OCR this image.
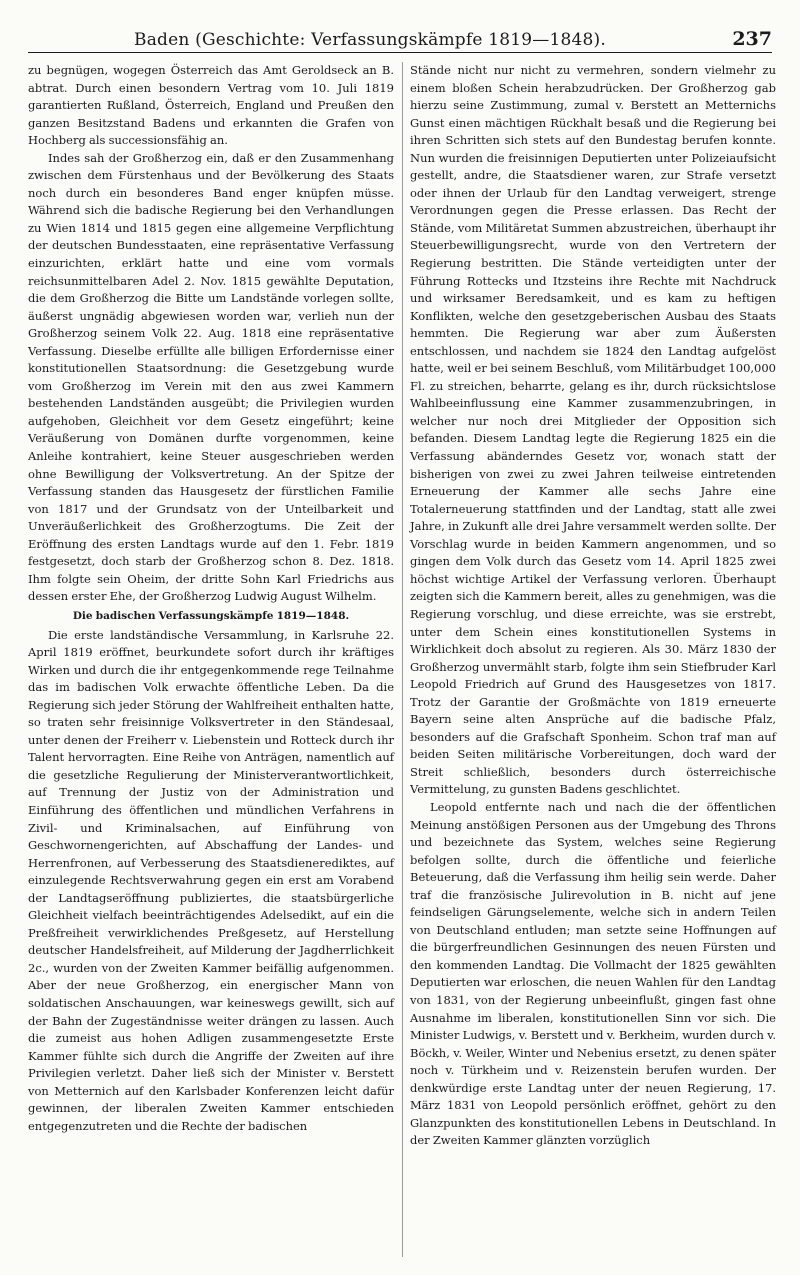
Baden (Geschichte: Verfassungskämpfe 1819—1848).	237

zu begnügen, wogegen Österreich das Amt Geroldseck an B. abtrat. Durch einen besondern Vertrag vom 10. Juli 1819 garantierten Rußland, Österreich, England und Preußen den ganzen Besitzstand Badens und erkannten die Grafen von Hochberg als successionsfähig an.

Indes sah der Großherzog ein, daß er den Zusammenhang zwischen dem Fürstenhaus und der Bevölkerung des Staats noch durch ein besonderes Band enger knüpfen müsse. Während sich die badische Regierung bei den Verhandlungen zu Wien 1814 und 1815 gegen eine allgemeine Verpflichtung der deutschen Bundesstaaten, eine repräsentative Verfassung einzurichten, erklärt hatte und eine vom vormals reichsunmittelbaren Adel 2. Nov. 1815 gewählte Deputation, die dem Großherzog die Bitte um Landstände vorlegen sollte, äußerst ungnädig abgewiesen worden war, verlieh nun der Großherzog seinem Volk 22. Aug. 1818 eine repräsentative Verfassung. Dieselbe erfüllte alle billigen Erfordernisse einer konstitutionellen Staatsordnung: die Gesetzgebung wurde vom Großherzog im Verein mit den aus zwei Kammern bestehenden Landständen ausgeübt; die Privilegien wurden aufgehoben, Gleichheit vor dem Gesetz eingeführt; keine Veräußerung von Domänen durfte vorgenommen, keine Anleihe kontrahiert, keine Steuer ausgeschrieben werden ohne Bewilligung der Volksvertretung. An der Spitze der Verfassung standen das Hausgesetz der fürstlichen Familie von 1817 und der Grundsatz von der Unteilbarkeit und Unveräußerlichkeit des Großherzogtums. Die Zeit der Eröffnung des ersten Landtags wurde auf den 1. Febr. 1819 festgesetzt, doch starb der Großherzog schon 8. Dez. 1818. Ihm folgte sein Oheim, der dritte Sohn Karl Friedrichs aus dessen erster Ehe, der Großherzog Ludwig August Wilhelm.

Die badischen Verfassungskämpfe 1819—1848.

Die erste landständische Versammlung, in Karlsruhe 22. April 1819 eröffnet, beurkundete sofort durch ihr kräftiges Wirken und durch die ihr entgegenkommende rege Teilnahme das im badischen Volk erwachte öffentliche Leben. Da die Regierung sich jeder Störung der Wahlfreiheit enthalten hatte, so traten sehr freisinnige Volksvertreter in den Ständesaal, unter denen der Freiherr v. Liebenstein und Rotteck durch ihr Talent hervorragten. Eine Reihe von Anträgen, namentlich auf die gesetzliche Regulierung der Ministerverantwortlichkeit, auf Trennung der Justiz von der Administration und Einführung des öffentlichen und mündlichen Verfahrens in Zivil- und Kriminalsachen, auf Einführung von Geschwornengerichten, auf Abschaffung der Landes- und Herrenfronen, auf Verbesserung des Staatsdienerediktes, auf einzulegende Rechtsverwahrung gegen ein erst am Vorabend der Landtagseröffnung publiziertes, die staatsbürgerliche Gleichheit vielfach beeinträchtigendes Adelsedikt, auf ein die Preßfreiheit verwirklichendes Preßgesetz, auf Herstellung deutscher Handelsfreiheit, auf Milderung der Jagdherrlichkeit 2c., wurden von der Zweiten Kammer beifällig aufgenommen. Aber der neue Großherzog, ein energischer Mann von soldatischen Anschauungen, war keineswegs gewillt, sich auf der Bahn der Zugeständnisse weiter drängen zu lassen. Auch die zumeist aus hohen Adligen zusammengesetzte Erste Kammer fühlte sich durch die Angriffe der Zweiten auf ihre Privilegien verletzt. Daher ließ sich der Minister v. Berstett von Metternich auf den Karlsbader Konferenzen leicht dafür gewinnen, der liberalen Zweiten Kammer entschieden entgegenzutreten und die Rechte der badischen

Stände nicht nur nicht zu vermehren, sondern vielmehr zu einem bloßen Schein herabzudrücken. Der Großherzog gab hierzu seine Zustimmung, zumal v. Berstett an Metternichs Gunst einen mächtigen Rückhalt besaß und die Regierung bei ihren Schritten sich stets auf den Bundestag berufen konnte. Nun wurden die freisinnigen Deputierten unter Polizeiaufsicht gestellt, andre, die Staatsdiener waren, zur Strafe versetzt oder ihnen der Urlaub für den Landtag verweigert, strenge Verordnungen gegen die Presse erlassen. Das Recht der Stände, vom Militäretat Summen abzustreichen, überhaupt ihr Steuerbewilligungsrecht, wurde von den Vertretern der Regierung bestritten. Die Stände verteidigten unter der Führung Rottecks und Itzsteins ihre Rechte mit Nachdruck und wirksamer Beredsamkeit, und es kam zu heftigen Konflikten, welche den gesetzgeberischen Ausbau des Staats hemmten. Die Regierung war aber zum Äußersten entschlossen, und nachdem sie 1824 den Landtag aufgelöst hatte, weil er bei seinem Beschluß, vom Militärbudget 100,000 Fl. zu streichen, beharrte, gelang es ihr, durch rücksichtslose Wahlbeeinflussung eine Kammer zusammenzubringen, in welcher nur noch drei Mitglieder der Opposition sich befanden. Diesem Landtag legte die Regierung 1825 ein die Verfassung abänderndes Gesetz vor, wonach statt der bisherigen von zwei zu zwei Jahren teilweise eintretenden Erneuerung der Kammer alle sechs Jahre eine Totalerneuerung stattfinden und der Landtag, statt alle zwei Jahre, in Zukunft alle drei Jahre versammelt werden sollte. Der Vorschlag wurde in beiden Kammern angenommen, und so gingen dem Volk durch das Gesetz vom 14. April 1825 zwei höchst wichtige Artikel der Verfassung verloren. Überhaupt zeigten sich die Kammern bereit, alles zu genehmigen, was die Regierung vorschlug, und diese erreichte, was sie erstrebt, unter dem Schein eines konstitutionellen Systems in Wirklichkeit doch absolut zu regieren. Als 30. März 1830 der Großherzog unvermählt starb, folgte ihm sein Stiefbruder Karl Leopold Friedrich auf Grund des Hausgesetzes von 1817. Trotz der Garantie der Großmächte von 1819 erneuerte Bayern seine alten Ansprüche auf die badische Pfalz, besonders auf die Grafschaft Sponheim. Schon traf man auf beiden Seiten militärische Vorbereitungen, doch ward der Streit schließlich, besonders durch österreichische Vermittelung, zu gunsten Badens geschlichtet.

Leopold entfernte nach und nach die der öffentlichen Meinung anstößigen Personen aus der Umgebung des Throns und bezeichnete das System, welches seine Regierung befolgen sollte, durch die öffentliche und feierliche Beteuerung, daß die Verfassung ihm heilig sein werde. Daher traf die französische Julirevolution in B. nicht auf jene feindseligen Gärungselemente, welche sich in andern Teilen von Deutschland entluden; man setzte seine Hoffnungen auf die bürgerfreundlichen Gesinnungen des neuen Fürsten und den kommenden Landtag. Die Vollmacht der 1825 gewählten Deputierten war erloschen, die neuen Wahlen für den Landtag von 1831, von der Regierung unbeeinflußt, gingen fast ohne Ausnahme im liberalen, konstitutionellen Sinn vor sich. Die Minister Ludwigs, v. Berstett und v. Berkheim, wurden durch v. Böckh, v. Weiler, Winter und Nebenius ersetzt, zu denen später noch v. Türkheim und v. Reizenstein berufen wurden. Der denkwürdige erste Landtag unter der neuen Regierung, 17. März 1831 von Leopold persönlich eröffnet, gehört zu den Glanzpunkten des konstitutionellen Lebens in Deutschland. In der Zweiten Kammer glänzten vorzüglich
